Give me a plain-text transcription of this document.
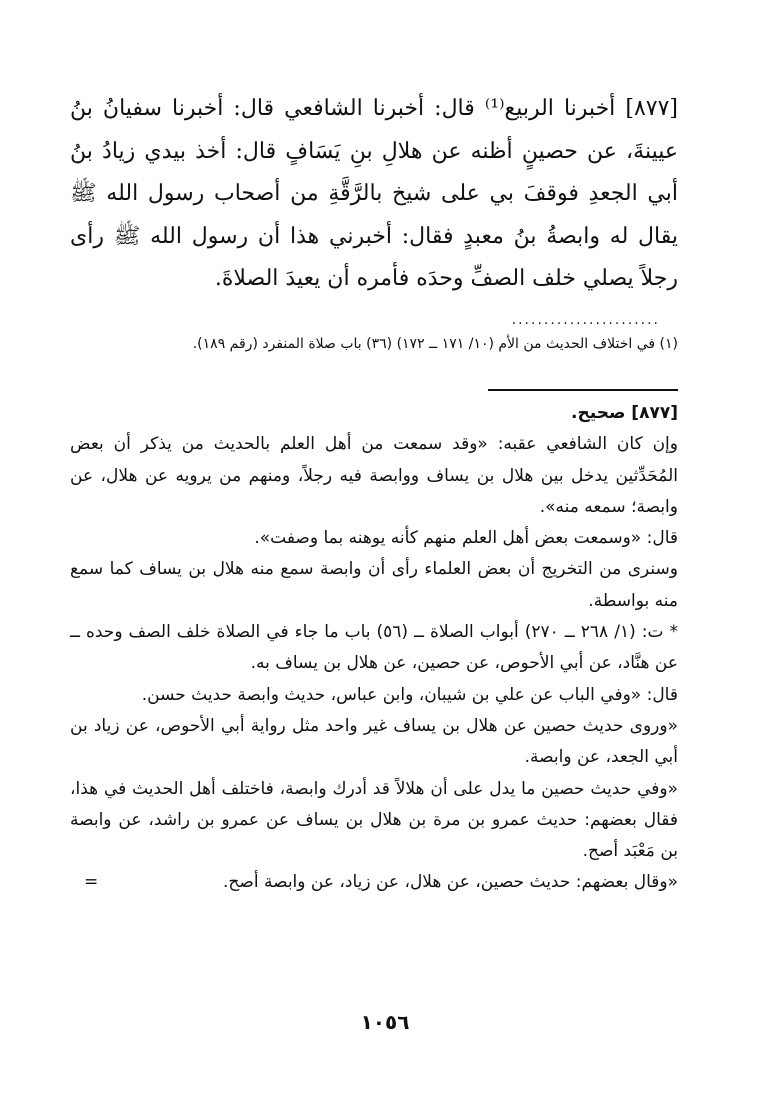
[٨٧٧] أخبرنا الربيع⁽¹⁾ قال: أخبرنا الشافعي قال: أخبرنا سفيانُ بنُ عيينةَ، عن حصينٍ أظنه عن هلالِ بنِ يَسَافٍ قال: أخذ بيدي زيادُ بنُ أبي الجعدِ فوقفَ بي على شيخ بالرَّقَّةِ من أصحاب رسول الله ﷺ يقال له وابصةُ بنُ معبدٍ فقال: أخبرني هذا أن رسول الله ﷺ رأى رجلاً يصلي خلف الصفِّ وحدَه فأمره أن يعيدَ الصلاةَ.

.......................
(١) في اختلاف الحديث من الأم (١٠/ ١٧١ ــ ١٧٢) (٣٦) باب صلاة المنفرد (رقم ١٨٩).

[٨٧٧] صحيح.

وإن كان الشافعي عقبه: «وقد سمعت من أهل العلم بالحديث من يذكر أن بعض المُحَدِّثين يدخل بين هلال بن يساف ووابصة فيه رجلاً، ومنهم من يرويه عن هلال، عن وابصة؛ سمعه منه».

قال: «وسمعت بعض أهل العلم منهم كأنه يوهنه بما وصفت».

وسنرى من التخريج أن بعض العلماء رأى أن وابصة سمع منه هلال بن يساف كما سمع منه بواسطة.

* ت: (١/ ٢٦٨ ــ ٢٧٠) أبواب الصلاة ــ (٥٦) باب ما جاء في الصلاة خلف الصف وحده ــ عن هنَّاد، عن أبي الأحوص، عن حصين، عن هلال بن يساف به.

قال: «وفي الباب عن علي بن شيبان، وابن عباس، حديث وابصة حديث حسن.

«وروى حديث حصين عن هلال بن يساف غير واحد مثل رواية أبي الأحوص، عن زياد بن أبي الجعد، عن وابصة.

«وفي حديث حصين ما يدل على أن هلالاً قد أدرك وابصة، فاختلف أهل الحديث في هذا، فقال بعضهم: حديث عمرو بن مرة بن هلال بن يساف عن عمرو بن راشد، عن وابصة بن مَعْبَد أصح.

«وقال بعضهم: حديث حصين، عن هلال، عن زياد، عن وابصة أصح.
=

١٠٥٦
